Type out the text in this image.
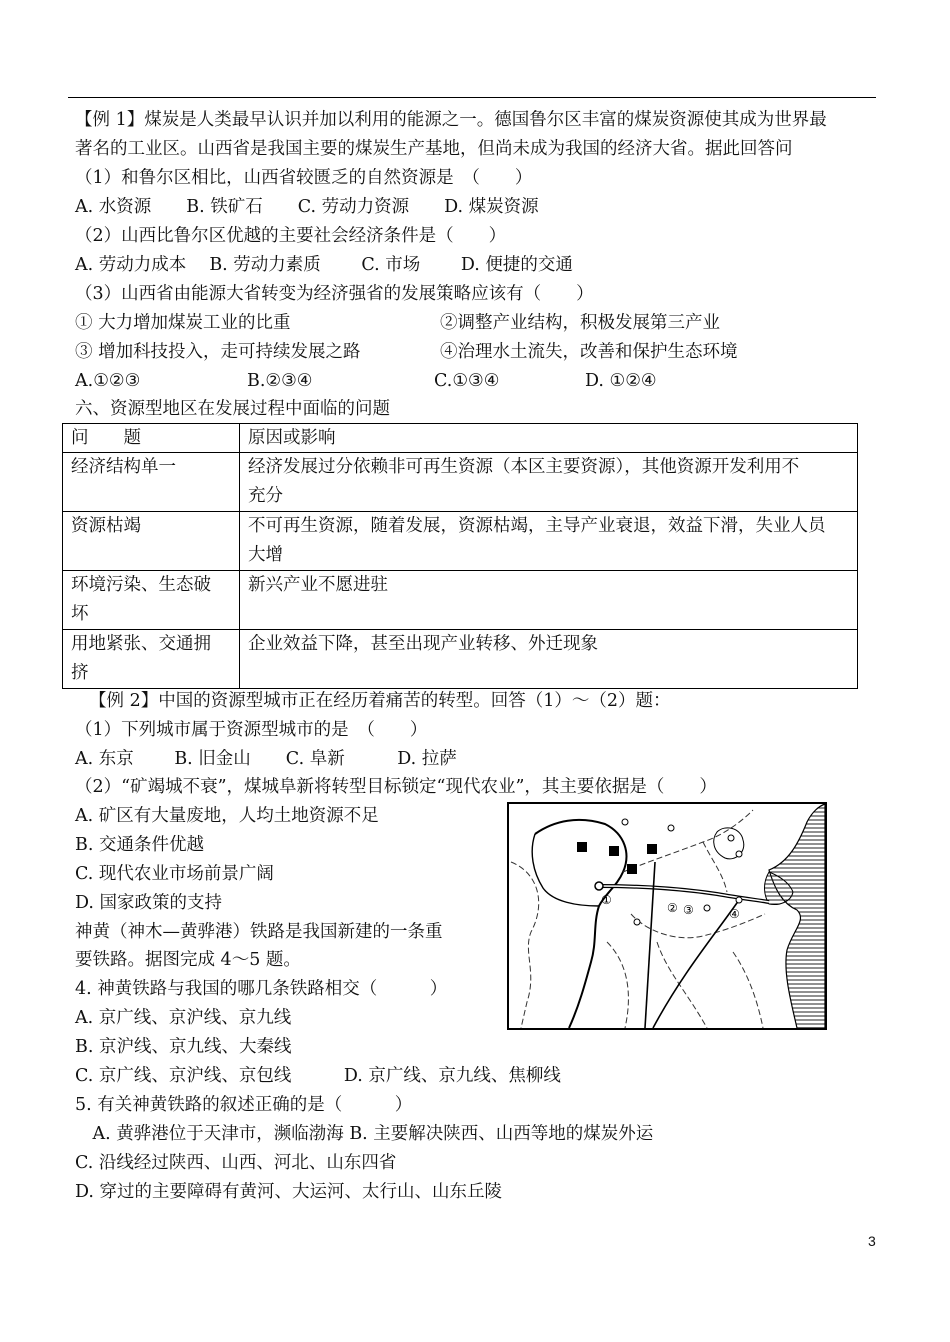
【例 1】煤炭是人类最早认识并加以利用的能源之一。德国鲁尔区丰富的煤炭资源使其成为世界最
著名的工业区。山西省是我国主要的煤炭生产基地，但尚未成为我国的经济大省。据此回答问
（1）和鲁尔区相比，山西省较匮乏的自然资源是　（　　）
A. 水资源　　B. 铁矿石　　C. 劳动力资源　　D. 煤炭资源
（2）山西比鲁尔区优越的主要社会经济条件是（　　）
A. 劳动力成本　 B. 劳动力素质　　 C. 市场　　 D. 便捷的交通
（3）山西省由能源大省转变为经济强省的发展策略应该有（　　）
① 大力增加煤炭工业的比重	②调整产业结构，积极发展第三产业
③ 增加科技投入，走可持续发展之路	④治理水土流失，改善和保护生态环境
A.①②③	B.②③④	C.①③④	D. ①②④
六、资源型地区在发展过程中面临的问题
问　　题	原因或影响
经济结构单一	经济发展过分依赖非可再生资源（本区主要资源），其他资源开发利用不
充分

资源枯竭	不可再生资源，随着发展，资源枯竭，主导产业衰退，效益下滑，失业人员
大增

环境污染、生态破
坏	新兴产业不愿进驻

用地紧张、交通拥
挤	企业效益下降，甚至出现产业转移、外迁现象
【例 2】中国的资源型城市正在经历着痛苦的转型。回答（1）～（2）题：
（1）下列城市属于资源型城市的是　（　　）
A. 东京　　 B. 旧金山　　C. 阜新　　　D. 拉萨
（2）“矿竭城不衰”，煤城阜新将转型目标锁定“现代农业”，其主要依据是（　　）
A. 矿区有大量废地，人均土地资源不足
B. 交通条件优越
C. 现代农业市场前景广阔
D. 国家政策的支持
神黄（神木—黄骅港）铁路是我国新建的一条重
要铁路。据图完成 4～5 题。
4. 神黄铁路与我国的哪几条铁路相交（　　　）
A. 京广线、京沪线、京九线
B. 京沪线、京九线、大秦线
C. 京广线、京沪线、京包线　　　D. 京广线、京九线、焦柳线
5. 有关神黄铁路的叙述正确的是（　　　）
　A. 黄骅港位于天津市，濒临渤海 B. 主要解决陕西、山西等地的煤炭外运
C. 沿线经过陕西、山西、河北、山东四省
D. 穿过的主要障碍有黄河、大运河、太行山、山东丘陵
①
② ③	④
3
